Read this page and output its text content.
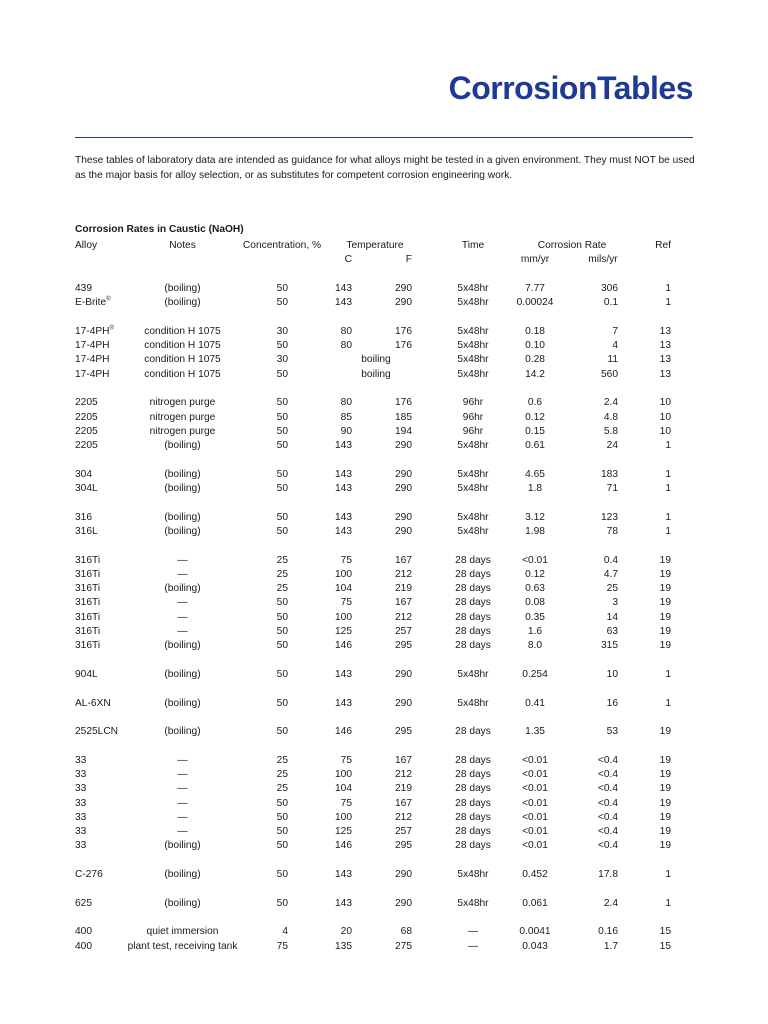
CorrosionTables
These tables of laboratory data are intended as guidance for what alloys might be tested in a given environment. They must NOT be used as the major basis for alloy selection, or as substitutes for competent corrosion engineering work.
Corrosion Rates in Caustic (NaOH)
Alloy	Notes	Concentration, %	Temperature	Time	Corrosion Rate	Ref
C	F	mm/yr	mils/yr
439	(boiling)	50	143	290	5x48hr	7.77	306	1
E-Brite®	(boiling)	50	143	290	5x48hr	0.00024	0.1	1
17-4PH®	condition H 1075	30	80	176	5x48hr	0.18	7	13
17-4PH	condition H 1075	50	80	176	5x48hr	0.10	4	13
17-4PH	condition H 1075	30	boiling	5x48hr	0.28	11	13
17-4PH	condition H 1075	50	boiling	5x48hr	14.2	560	13
2205	nitrogen purge	50	80	176	96hr	0.6	2.4	10
2205	nitrogen purge	50	85	185	96hr	0.12	4.8	10
2205	nitrogen purge	50	90	194	96hr	0.15	5.8	10
2205	(boiling)	50	143	290	5x48hr	0.61	24	1
304	(boiling)	50	143	290	5x48hr	4.65	183	1
304L	(boiling)	50	143	290	5x48hr	1.8	71	1
316	(boiling)	50	143	290	5x48hr	3.12	123	1
316L	(boiling)	50	143	290	5x48hr	1.98	78	1
316Ti	—	25	75	167	28 days	<0.01	0.4	19
316Ti	—	25	100	212	28 days	0.12	4.7	19
316Ti	(boiling)	25	104	219	28 days	0.63	25	19
316Ti	—	50	75	167	28 days	0.08	3	19
316Ti	—	50	100	212	28 days	0.35	14	19
316Ti	—	50	125	257	28 days	1.6	63	19
316Ti	(boiling)	50	146	295	28 days	8.0	315	19
904L	(boiling)	50	143	290	5x48hr	0.254	10	1
AL-6XN	(boiling)	50	143	290	5x48hr	0.41	16	1
2525LCN	(boiling)	50	146	295	28 days	1.35	53	19
33	—	25	75	167	28 days	<0.01	<0.4	19
33	—	25	100	212	28 days	<0.01	<0.4	19
33	—	25	104	219	28 days	<0.01	<0.4	19
33	—	50	75	167	28 days	<0.01	<0.4	19
33	—	50	100	212	28 days	<0.01	<0.4	19
33	—	50	125	257	28 days	<0.01	<0.4	19
33	(boiling)	50	146	295	28 days	<0.01	<0.4	19
C-276	(boiling)	50	143	290	5x48hr	0.452	17.8	1
625	(boiling)	50	143	290	5x48hr	0.061	2.4	1
400	quiet immersion	4	20	68	—	0.0041	0.16	15
400	plant test, receiving tank	75	135	275	—	0.043	1.7	15
